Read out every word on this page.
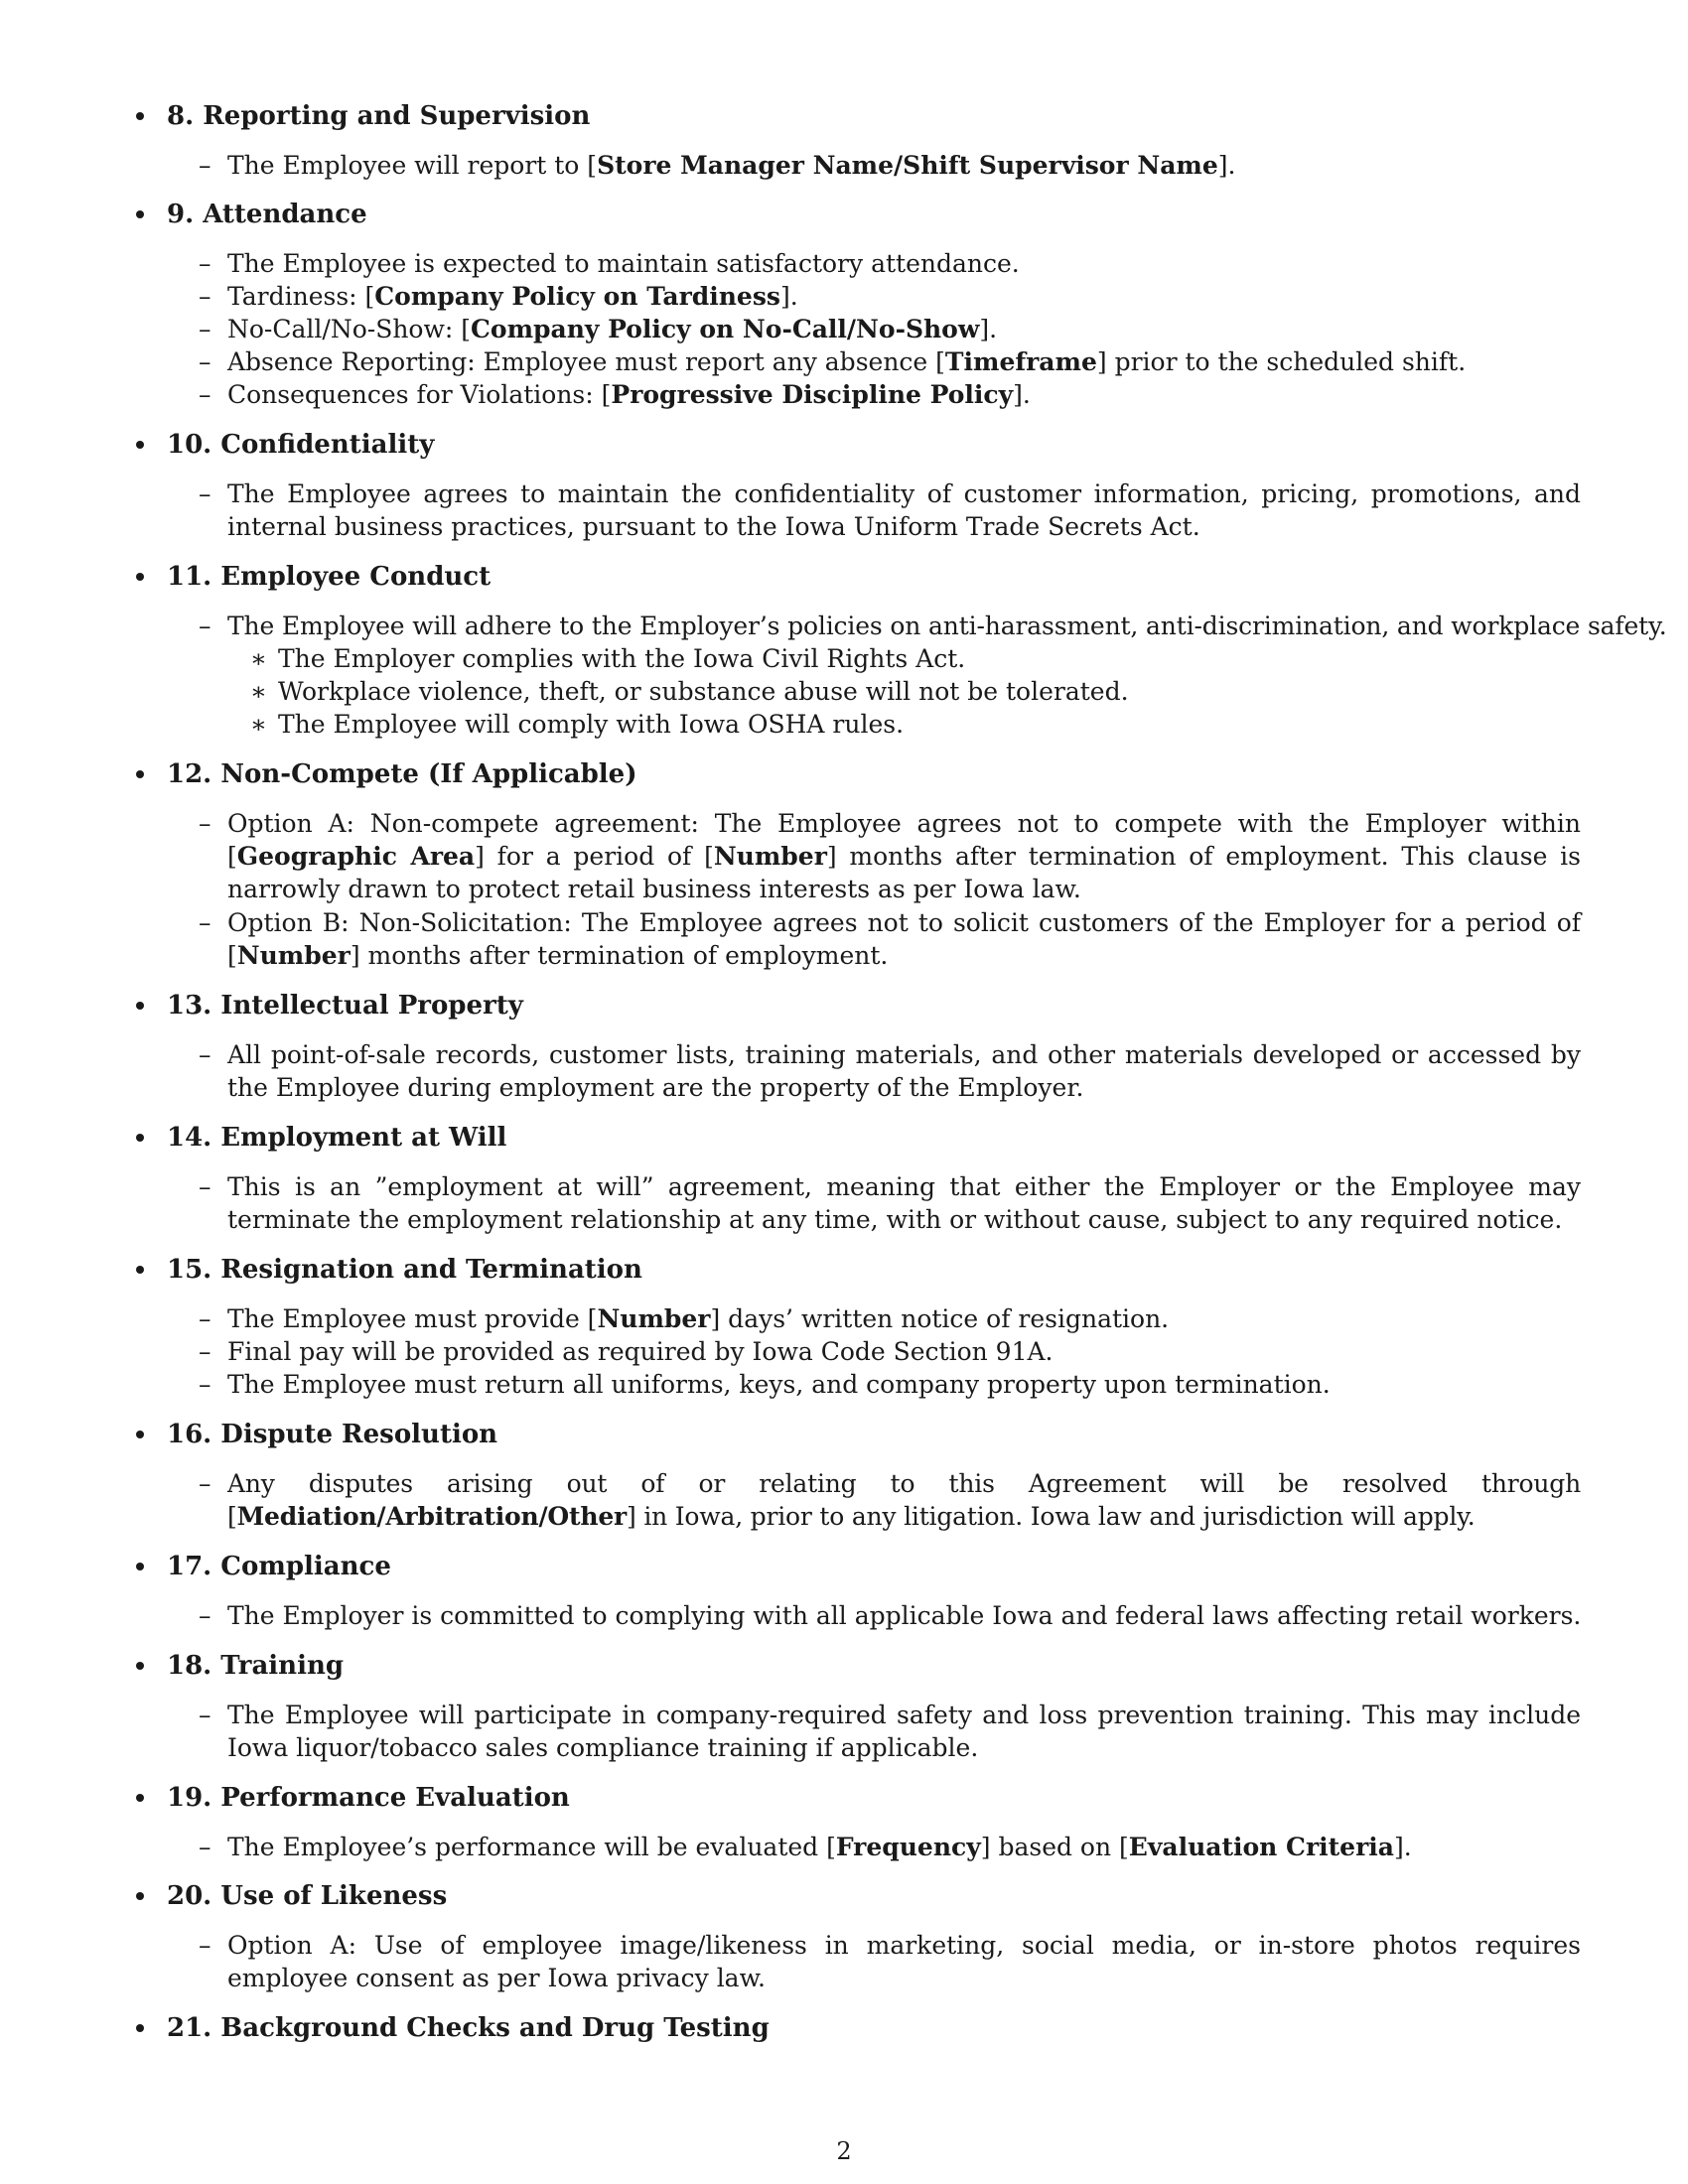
8. Reporting and Supervision
– The Employee will report to [Store Manager Name/Shift Supervisor Name].
9. Attendance
– The Employee is expected to maintain satisfactory attendance.
– Tardiness: [Company Policy on Tardiness].
– No-Call/No-Show: [Company Policy on No-Call/No-Show].
– Absence Reporting: Employee must report any absence [Timeframe] prior to the scheduled shift.
– Consequences for Violations: [Progressive Discipline Policy].
10. Confidentiality
– The Employee agrees to maintain the confidentiality of customer information, pricing, promotions, and internal business practices, pursuant to the Iowa Uniform Trade Secrets Act.
11. Employee Conduct
– The Employee will adhere to the Employer’s policies on anti-harassment, anti-discrimination, and workplace safety.
∗ The Employer complies with the Iowa Civil Rights Act.
∗ Workplace violence, theft, or substance abuse will not be tolerated.
∗ The Employee will comply with Iowa OSHA rules.
12. Non-Compete (If Applicable)
– Option A: Non-compete agreement: The Employee agrees not to compete with the Employer within [Geographic Area] for a period of [Number] months after termination of employment. This clause is narrowly drawn to protect retail business interests as per Iowa law.
– Option B: Non-Solicitation: The Employee agrees not to solicit customers of the Employer for a period of [Number] months after termination of employment.
13. Intellectual Property
– All point-of-sale records, customer lists, training materials, and other materials developed or accessed by the Employee during employment are the property of the Employer.
14. Employment at Will
– This is an ”employment at will” agreement, meaning that either the Employer or the Employee may terminate the employment relationship at any time, with or without cause, subject to any required notice.
15. Resignation and Termination
– The Employee must provide [Number] days’ written notice of resignation.
– Final pay will be provided as required by Iowa Code Section 91A.
– The Employee must return all uniforms, keys, and company property upon termination.
16. Dispute Resolution
– Any disputes arising out of or relating to this Agreement will be resolved through [Mediation/Arbitration/Other] in Iowa, prior to any litigation. Iowa law and jurisdiction will apply.
17. Compliance
– The Employer is committed to complying with all applicable Iowa and federal laws affecting retail workers.
18. Training
– The Employee will participate in company-required safety and loss prevention training. This may include Iowa liquor/tobacco sales compliance training if applicable.
19. Performance Evaluation
– The Employee’s performance will be evaluated [Frequency] based on [Evaluation Criteria].
20. Use of Likeness
– Option A: Use of employee image/likeness in marketing, social media, or in-store photos requires employee consent as per Iowa privacy law.
21. Background Checks and Drug Testing
2
